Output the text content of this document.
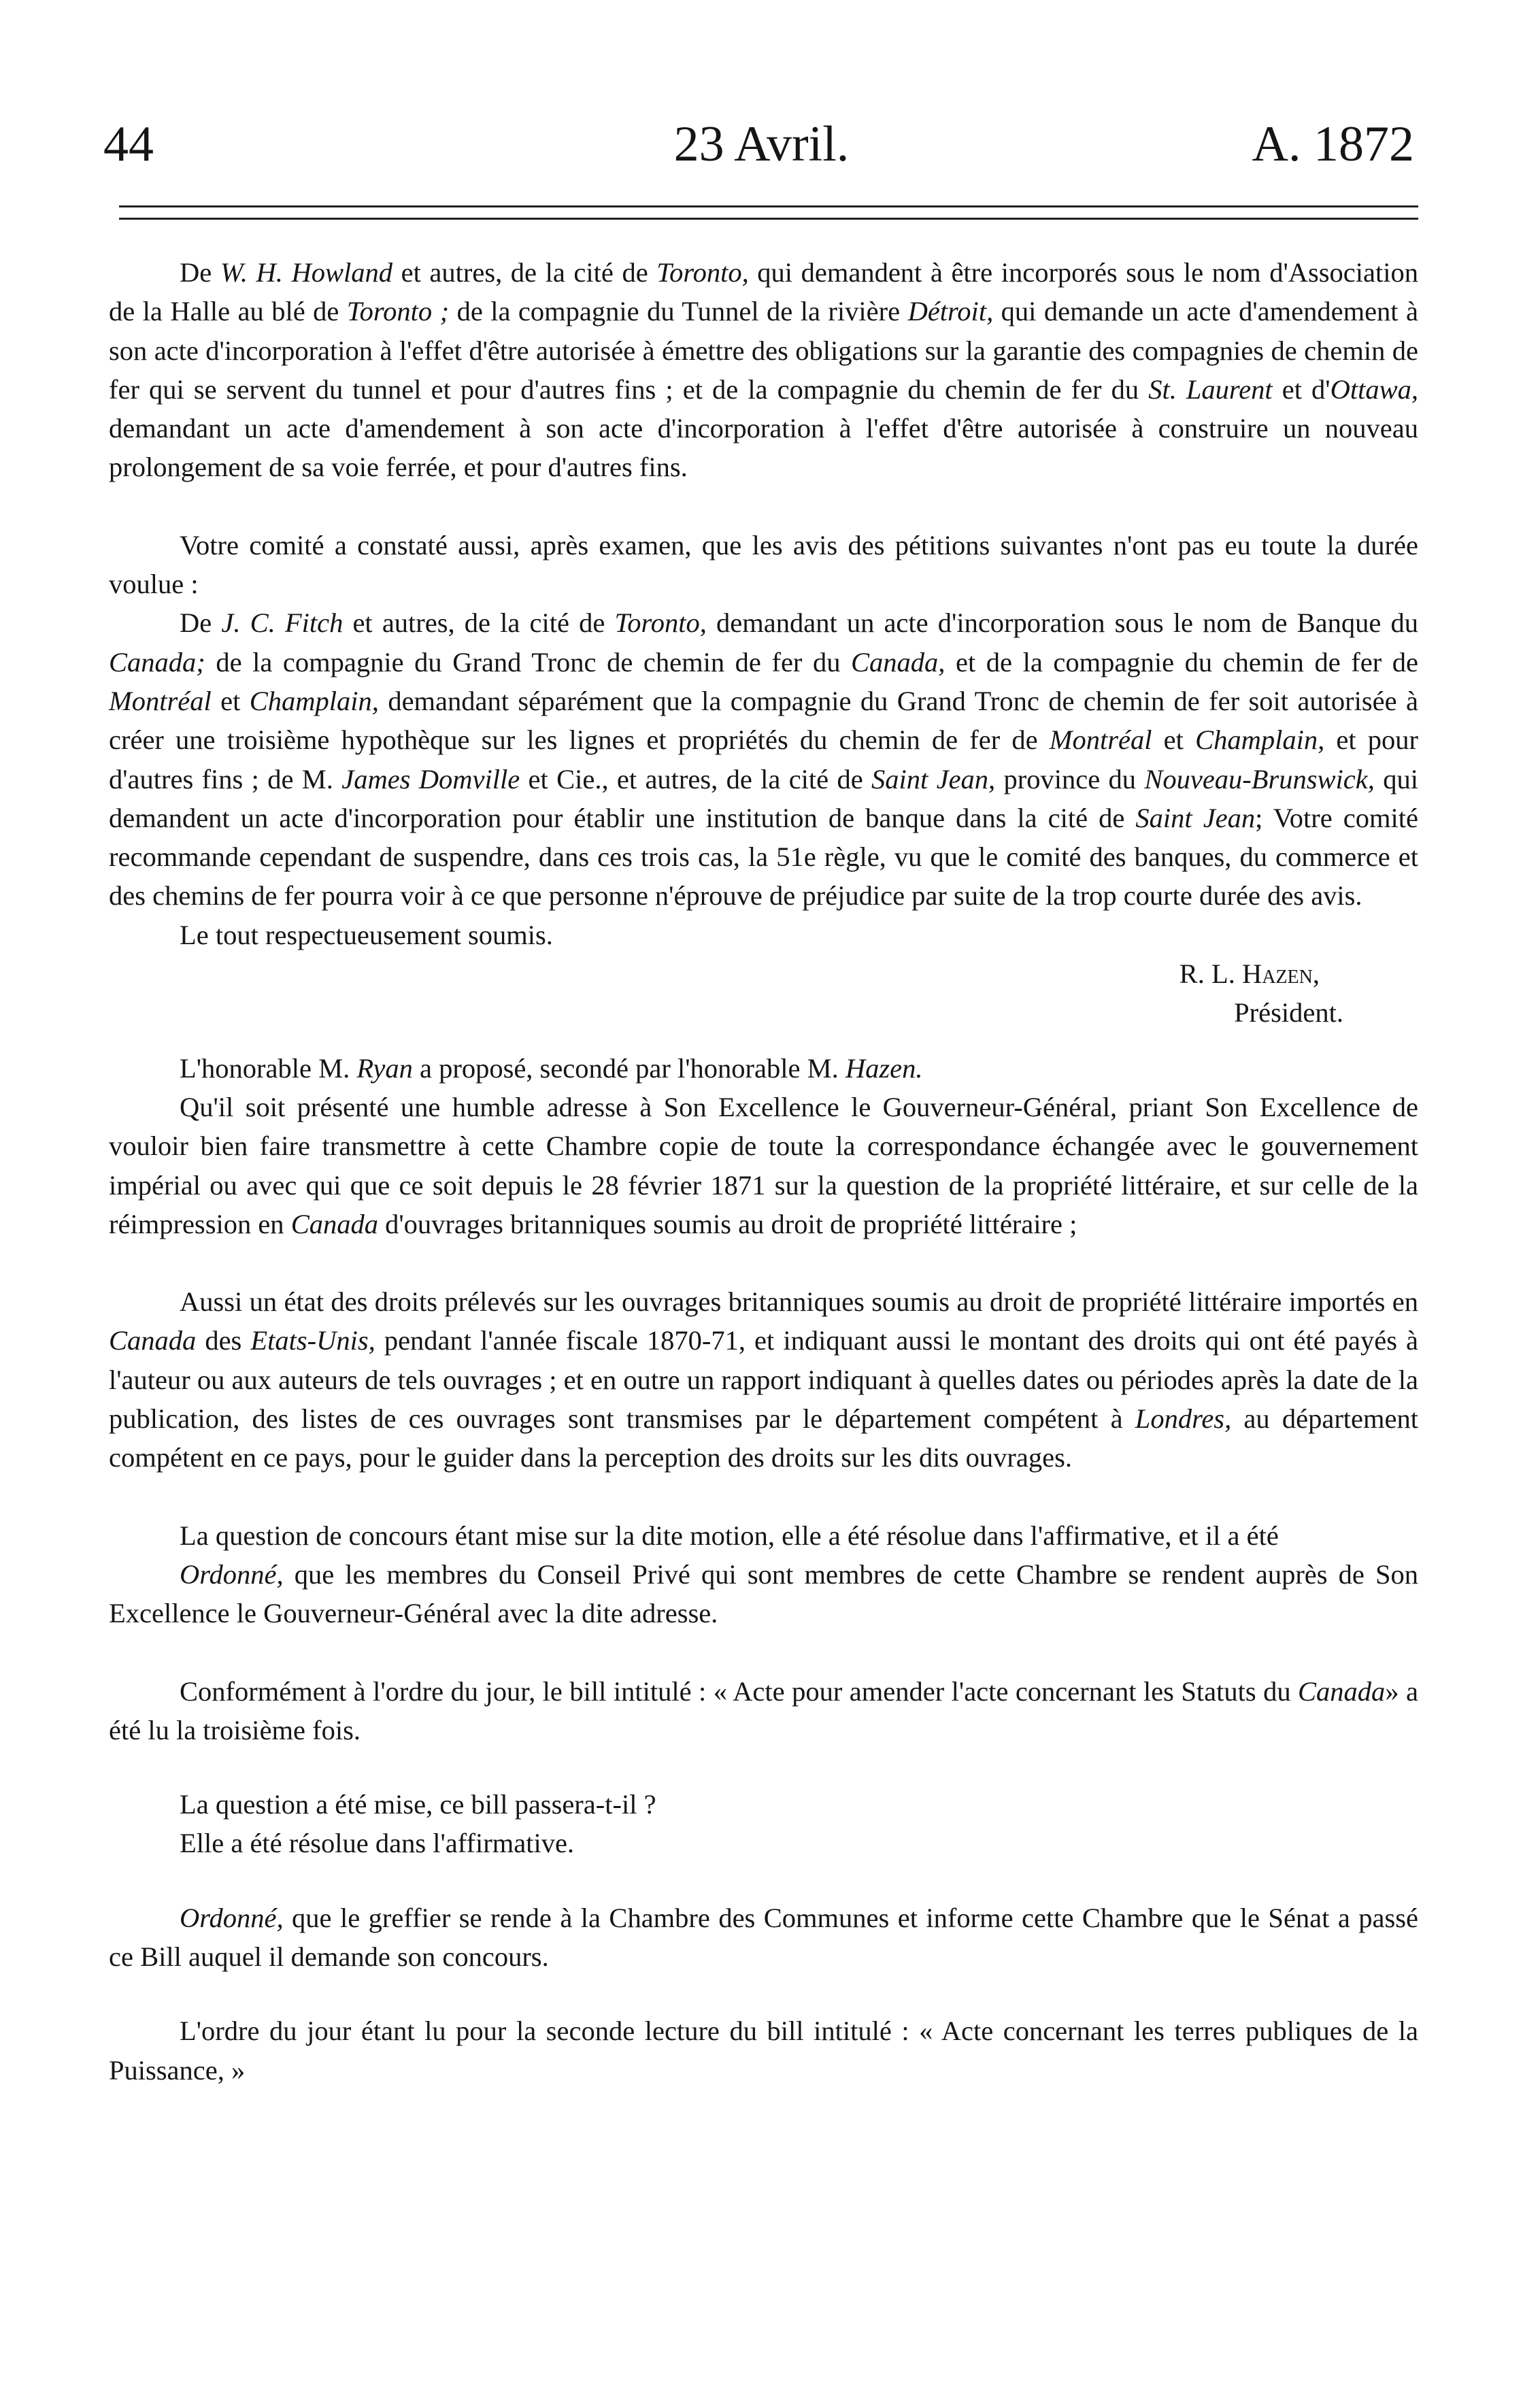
44	23 Avril.	A. 1872

De W. H. Howland et autres, de la cité de Toronto, qui demandent à être incorporés sous le nom d'Association de la Halle au blé de Toronto ; de la compagnie du Tunnel de la rivière Détroit, qui demande un acte d'amendement à son acte d'incorporation à l'effet d'être autorisée à émettre des obligations sur la garantie des compagnies de chemin de fer qui se servent du tunnel et pour d'autres fins ; et de la compagnie du chemin de fer du St. Laurent et d'Ottawa, demandant un acte d'amendement à son acte d'incorporation à l'effet d'être autorisée à construire un nouveau prolongement de sa voie ferrée, et pour d'autres fins.

Votre comité a constaté aussi, après examen, que les avis des pétitions suivantes n'ont pas eu toute la durée voulue :

De J. C. Fitch et autres, de la cité de Toronto, demandant un acte d'incorporation sous le nom de Banque du Canada; de la compagnie du Grand Tronc de chemin de fer du Canada, et de la compagnie du chemin de fer de Montréal et Champlain, demandant séparément que la compagnie du Grand Tronc de chemin de fer soit autorisée à créer une troisième hypothèque sur les lignes et propriétés du chemin de fer de Montréal et Champlain, et pour d'autres fins ; de M. James Domville et Cie., et autres, de la cité de Saint Jean, province du Nouveau-Brunswick, qui demandent un acte d'incorporation pour établir une institution de banque dans la cité de Saint Jean; Votre comité recommande cependant de suspendre, dans ces trois cas, la 51e règle, vu que le comité des banques, du commerce et des chemins de fer pourra voir à ce que personne n'éprouve de préjudice par suite de la trop courte durée des avis.

Le tout respectueusement soumis.

R. L. Hazen,

Président.

L'honorable M. Ryan a proposé, secondé par l'honorable M. Hazen.

Qu'il soit présenté une humble adresse à Son Excellence le Gouverneur-Général, priant Son Excellence de vouloir bien faire transmettre à cette Chambre copie de toute la correspondance échangée avec le gouvernement impérial ou avec qui que ce soit depuis le 28 février 1871 sur la question de la propriété littéraire, et sur celle de la réimpression en Canada d'ouvrages britanniques soumis au droit de propriété littéraire ;

Aussi un état des droits prélevés sur les ouvrages britanniques soumis au droit de propriété littéraire importés en Canada des Etats-Unis, pendant l'année fiscale 1870-71, et indiquant aussi le montant des droits qui ont été payés à l'auteur ou aux auteurs de tels ouvrages ; et en outre un rapport indiquant à quelles dates ou périodes après la date de la publication, des listes de ces ouvrages sont transmises par le département compétent à Londres, au département compétent en ce pays, pour le guider dans la perception des droits sur les dits ouvrages.

La question de concours étant mise sur la dite motion, elle a été résolue dans l'affirmative, et il a été

Ordonné, que les membres du Conseil Privé qui sont membres de cette Chambre se rendent auprès de Son Excellence le Gouverneur-Général avec la dite adresse.

Conformément à l'ordre du jour, le bill intitulé : « Acte pour amender l'acte concernant les Statuts du Canada» a été lu la troisième fois.

La question a été mise, ce bill passera-t-il ?

Elle a été résolue dans l'affirmative.

Ordonné, que le greffier se rende à la Chambre des Communes et informe cette Chambre que le Sénat a passé ce Bill auquel il demande son concours.

L'ordre du jour étant lu pour la seconde lecture du bill intitulé : « Acte concernant les terres publiques de la Puissance, »
